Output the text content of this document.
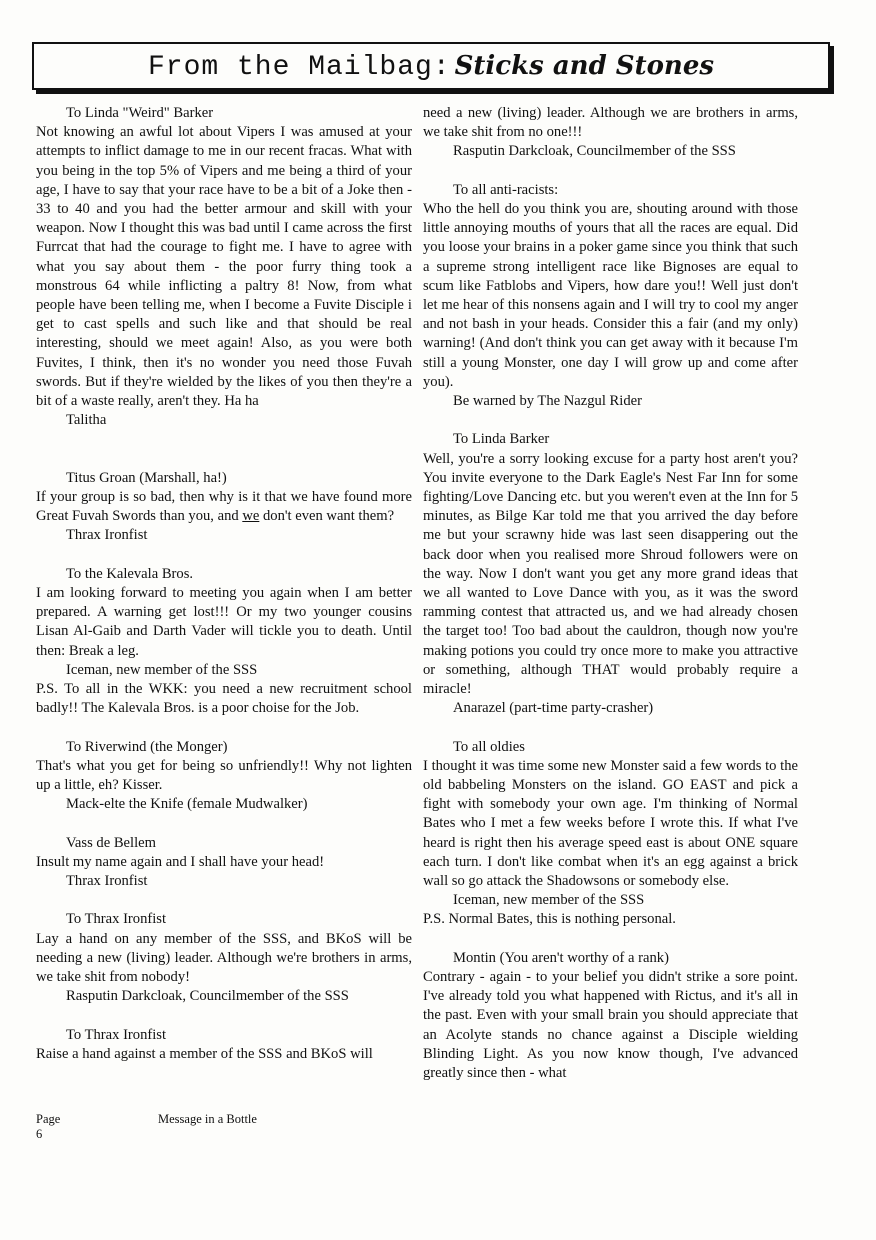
From the Mailbag: Sticks and Stones

To Linda "Weird" Barker

Not knowing an awful lot about Vipers I was amused at your attempts to inflict damage to me in our recent fracas. What with you being in the top 5% of Vipers and me being a third of your age, I have to say that your race have to be a bit of a Joke then - 33 to 40 and you had the better armour and skill with your weapon. Now I thought this was bad until I came across the first Furrcat that had the courage to fight me. I have to agree with what you say about them - the poor furry thing took a monstrous 64 while inflicting a paltry 8! Now, from what people have been telling me, when I become a Fuvite Disciple i get to cast spells and such like and that should be real interesting, should we meet again! Also, as you were both Fuvites, I think, then it's no wonder you need those Fuvah swords. But if they're wielded by the likes of you then they're a bit of a waste really, aren't they. Ha ha

Talitha

Titus Groan (Marshall, ha!)

If your group is so bad, then why is it that we have found more Great Fuvah Swords than you, and we don't even want them?

Thrax Ironfist

To the Kalevala Bros.

I am looking forward to meeting you again when I am better prepared. A warning get lost!!! Or my two younger cousins Lisan Al-Gaib and Darth Vader will tickle you to death. Until then: Break a leg.

Iceman, new member of the SSS

P.S. To all in the WKK: you need a new recruitment school badly!! The Kalevala Bros. is a poor choise for the Job.

To Riverwind (the Monger)

That's what you get for being so unfriendly!! Why not lighten up a little, eh? Kisser.

Mack-elte the Knife (female Mudwalker)

Vass de Bellem

Insult my name again and I shall have your head!

Thrax Ironfist

To Thrax Ironfist

Lay a hand on any member of the SSS, and BKoS will be needing a new (living) leader. Although we're brothers in arms, we take shit from nobody!

Rasputin Darkcloak, Councilmember of the SSS

To Thrax Ironfist

Raise a hand against a member of the SSS and BKoS will

need a new (living) leader. Although we are brothers in arms, we take shit from no one!!!

Rasputin Darkcloak, Councilmember of the SSS

To all anti-racists:

Who the hell do you think you are, shouting around with those little annoying mouths of yours that all the races are equal. Did you loose your brains in a poker game since you think that such a supreme strong intelligent race like Bignoses are equal to scum like Fatblobs and Vipers, how dare you!! Well just don't let me hear of this nonsens again and I will try to cool my anger and not bash in your heads. Consider this a fair (and my only) warning! (And don't think you can get away with it because I'm still a young Monster, one day I will grow up and come after you).

Be warned by The Nazgul Rider

To Linda Barker

Well, you're a sorry looking excuse for a party host aren't you? You invite everyone to the Dark Eagle's Nest Far Inn for some fighting/Love Dancing etc. but you weren't even at the Inn for 5 minutes, as Bilge Kar told me that you arrived the day before me but your scrawny hide was last seen disappering out the back door when you realised more Shroud followers were on the way. Now I don't want you get any more grand ideas that we all wanted to Love Dance with you, as it was the sword ramming contest that attracted us, and we had already chosen the target too! Too bad about the cauldron, though now you're making potions you could try once more to make you attractive or something, although THAT would probably require a miracle!

Anarazel (part-time party-crasher)

To all oldies

I thought it was time some new Monster said a few words to the old babbeling Monsters on the island. GO EAST and pick a fight with somebody your own age. I'm thinking of Normal Bates who I met a few weeks before I wrote this. If what I've heard is right then his average speed east is about ONE square each turn. I don't like combat when it's an egg against a brick wall so go attack the Shadowsons or somebody else.

Iceman, new member of the SSS

P.S. Normal Bates, this is nothing personal.

Montin (You aren't worthy of a rank)

Contrary - again - to your belief you didn't strike a sore point. I've already told you what happened with Rictus, and it's all in the past. Even with your small brain you should appreciate that an Acolyte stands no chance against a Disciple wielding Blinding Light. As you now know though, I've advanced greatly since then - what

Page 6
Message in a Bottle
